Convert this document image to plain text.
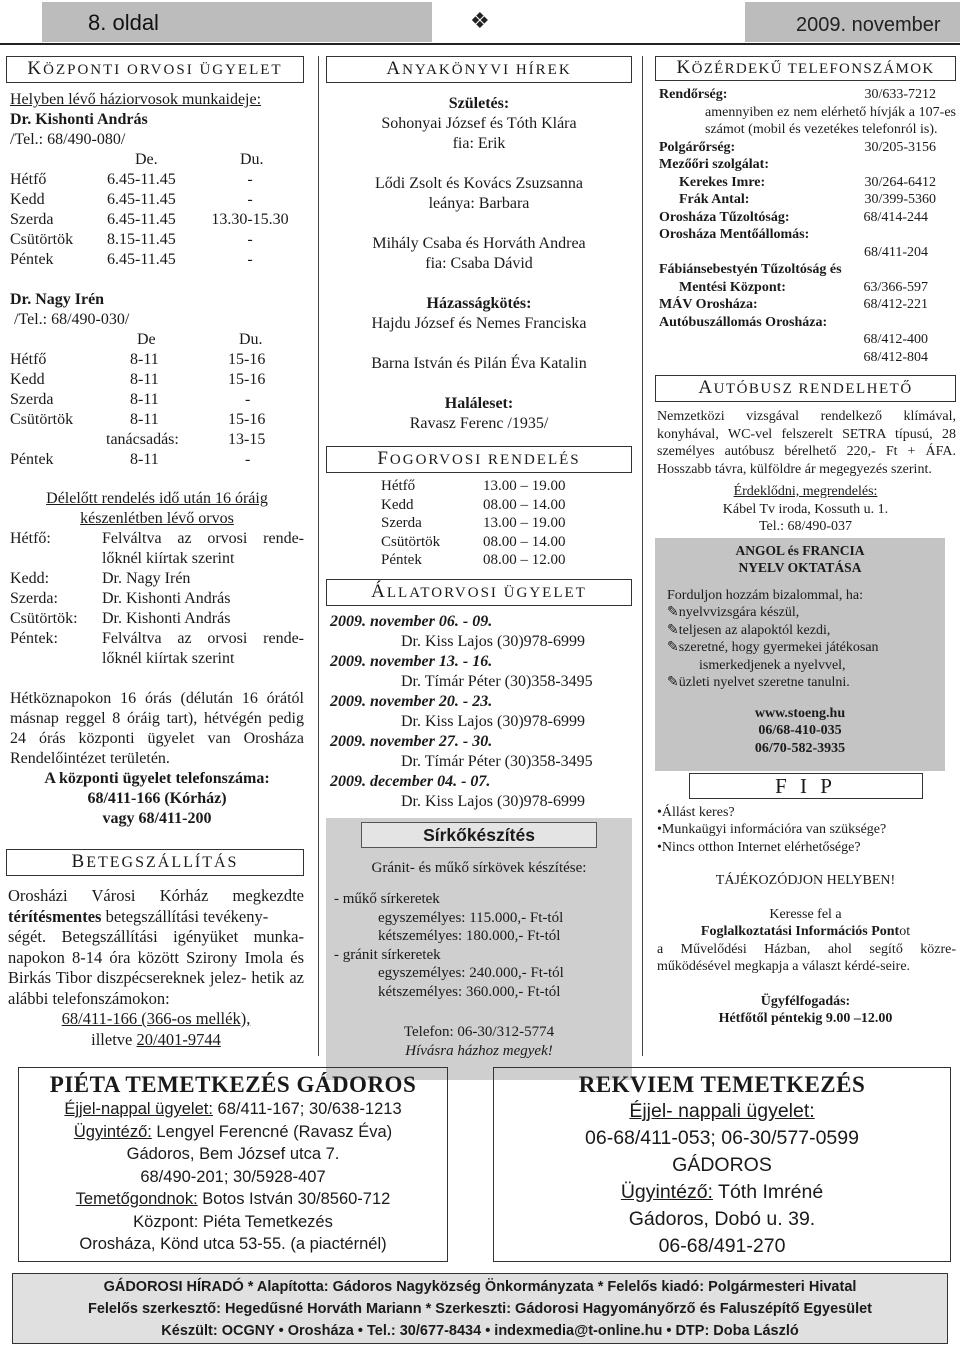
8. oldal	❖	2009. november
KÖZPONTI ORVOSI ÜGYELET
Helyben lévő háziorvosok munkaideje:
Dr. Kishonti András
/Tel.: 68/490-080/
De.	Du.
Hétfő	6.45-11.45	-
Kedd	6.45-11.45	-
Szerda	6.45-11.45	13.30-15.30
Csütörtök	8.15-11.45	-
Péntek	6.45-11.45	-
Dr. Nagy Irén
/Tel.: 68/490-030/
De	Du.
Hétfő	8-11	15-16
Kedd	8-11	15-16
Szerda	8-11	-
Csütörtök	8-11	15-16
tanácsadás:	13-15
Péntek	8-11	-
Délelőtt rendelés idő után 16 óráig
készenlétben lévő orvos
Hétfő:	Felváltva az orvosi rende-
lőknél kiírtak szerint
Kedd:	Dr. Nagy Irén
Szerda:	Dr. Kishonti András
Csütörtök:	Dr. Kishonti András
Péntek:	Felváltva az orvosi rende-
lőknél kiírtak szerint
Hétköznapokon 16 órás (délután 16 órától másnap reggel 8 óráig tart), hétvégén pedig 24 órás központi ügyelet van Orosháza Rendelőintézet területén.
A központi ügyelet telefonszáma:
68/411-166 (Kórház)
vagy 68/411-200
BETEGSZÁLLÍTÁS
Orosházi Városi Kórház megkezdte
térítésmentes betegszállítási tevékeny-
ségét. Betegszállítási igényüket munka- napokon 8-14 óra között Szirony Imola és Birkás Tibor diszpécsereknek jelez- hetik az alábbi telefonszámokon:
68/411-166 (366-os mellék),
illetve 20/401-9744
ANYAKÖNYVI HÍREK
Születés:
Sohonyai József és Tóth Klára
fia: Erik
Lődi Zsolt és Kovács Zsuzsanna
leánya: Barbara
Mihály Csaba és Horváth Andrea
fia: Csaba Dávid
Házasságkötés:
Hajdu József és Nemes Franciska
Barna István és Pilán Éva Katalin
Haláleset:
Ravasz Ferenc /1935/
FOGORVOSI RENDELÉS
Hétfő	13.00 – 19.00
Kedd	08.00 – 14.00
Szerda	13.00 – 19.00
Csütörtök	08.00 – 14.00
Péntek	08.00 – 12.00
ÁLLATORVOSI ÜGYELET
2009. november 06. - 09.
Dr. Kiss Lajos (30)978-6999
2009. november 13. - 16.
Dr. Tímár Péter (30)358-3495
2009. november 20. - 23.
Dr. Kiss Lajos (30)978-6999
2009. november 27. - 30.
Dr. Tímár Péter (30)358-3495
2009. december 04. - 07.
Dr. Kiss Lajos (30)978-6999
Sírkőkészítés
Gránit- és műkő sírkövek készítése:
- műkő sírkeretek
egyszemélyes: 115.000,- Ft-tól
kétszemélyes: 180.000,- Ft-tól
- gránit sírkeretek
egyszemélyes: 240.000,- Ft-tól
kétszemélyes: 360.000,- Ft-tól
Telefon: 06-30/312-5774
Hívásra házhoz megyek!
KÖZÉRDEKŰ TELEFONSZÁMOK
Rendőrség:	30/633-7212
amennyiben ez nem elérhető hívják a 107-es számot (mobil és vezetékes telefonról is).
Polgárőrség:	30/205-3156
Mezőőri szolgálat:
Kerekes Imre:	30/264-6412
Frák Antal:	30/399-5360
Orosháza Tűzoltóság:	68/414-244
Orosháza Mentőállomás:
68/411-204
Fábiánsebestyén Tűzoltóság és
Mentési Központ:	63/366-597
MÁV Orosháza:	68/412-221
Autóbuszállomás Orosháza:
68/412-400
68/412-804
AUTÓBUSZ RENDELHETŐ
Nemzetközi vizsgával rendelkező klímával, konyhával, WC-vel felszerelt SETRA típusú, 28 személyes autóbusz bérelhető 220,- Ft + ÁFA. Hosszabb távra, külföldre ár megegyezés szerint.
Érdeklődni, megrendelés:
Kábel Tv iroda, Kossuth u. 1.
Tel.: 68/490-037
ANGOL és FRANCIA
NYELV OKTATÁSA
Forduljon hozzám bizalommal, ha:
✎nyelvvizsgára készül,
✎teljesen az alapoktól kezdi,
✎szeretné, hogy gyermekei játékosan
ismerkedjenek a nyelvvel,
✎üzleti nyelvet szeretne tanulni.
www.stoeng.hu
06/68-410-035
06/70-582-3935
F I P
•Állást keres?
•Munkaügyi információra van szüksége?
•Nincs otthon Internet elérhetősége?
TÁJÉKOZÓDJON HELYBEN!
Keresse fel a
Foglalkoztatási Információs Pontot
a Művelődési Házban, ahol segítő közre- működésével megkapja a választ kérdé-seire.
Ügyfélfogadás:
Hétfőtől péntekig 9.00 –12.00
PIÉTA TEMETKEZÉS GÁDOROS
Éjjel-nappal ügyelet: 68/411-167; 30/638-1213
Ügyintéző: Lengyel Ferencné (Ravasz Éva)
Gádoros, Bem József utca 7.
68/490-201; 30/5928-407
Temetőgondnok: Botos István 30/8560-712
Központ: Piéta Temetkezés
Orosháza, Könd utca 53-55. (a piactérnél)
REKVIEM TEMETKEZÉS
Éjjel- nappali ügyelet:
06-68/411-053; 06-30/577-0599
GÁDOROS
Ügyintéző: Tóth Imréné
Gádoros, Dobó u. 39.
06-68/491-270
GÁDOROSI HÍRADÓ * Alapította: Gádoros Nagyközség Önkormányzata * Felelős kiadó: Polgármesteri Hivatal
Felelős szerkesztő: Hegedűsné Horváth Mariann * Szerkeszti: Gádorosi Hagyományőrző és Faluszépítő Egyesület
Készült: OCGNY • Orosháza • Tel.: 30/677-8434 • indexmedia@t-online.hu • DTP: Doba László
